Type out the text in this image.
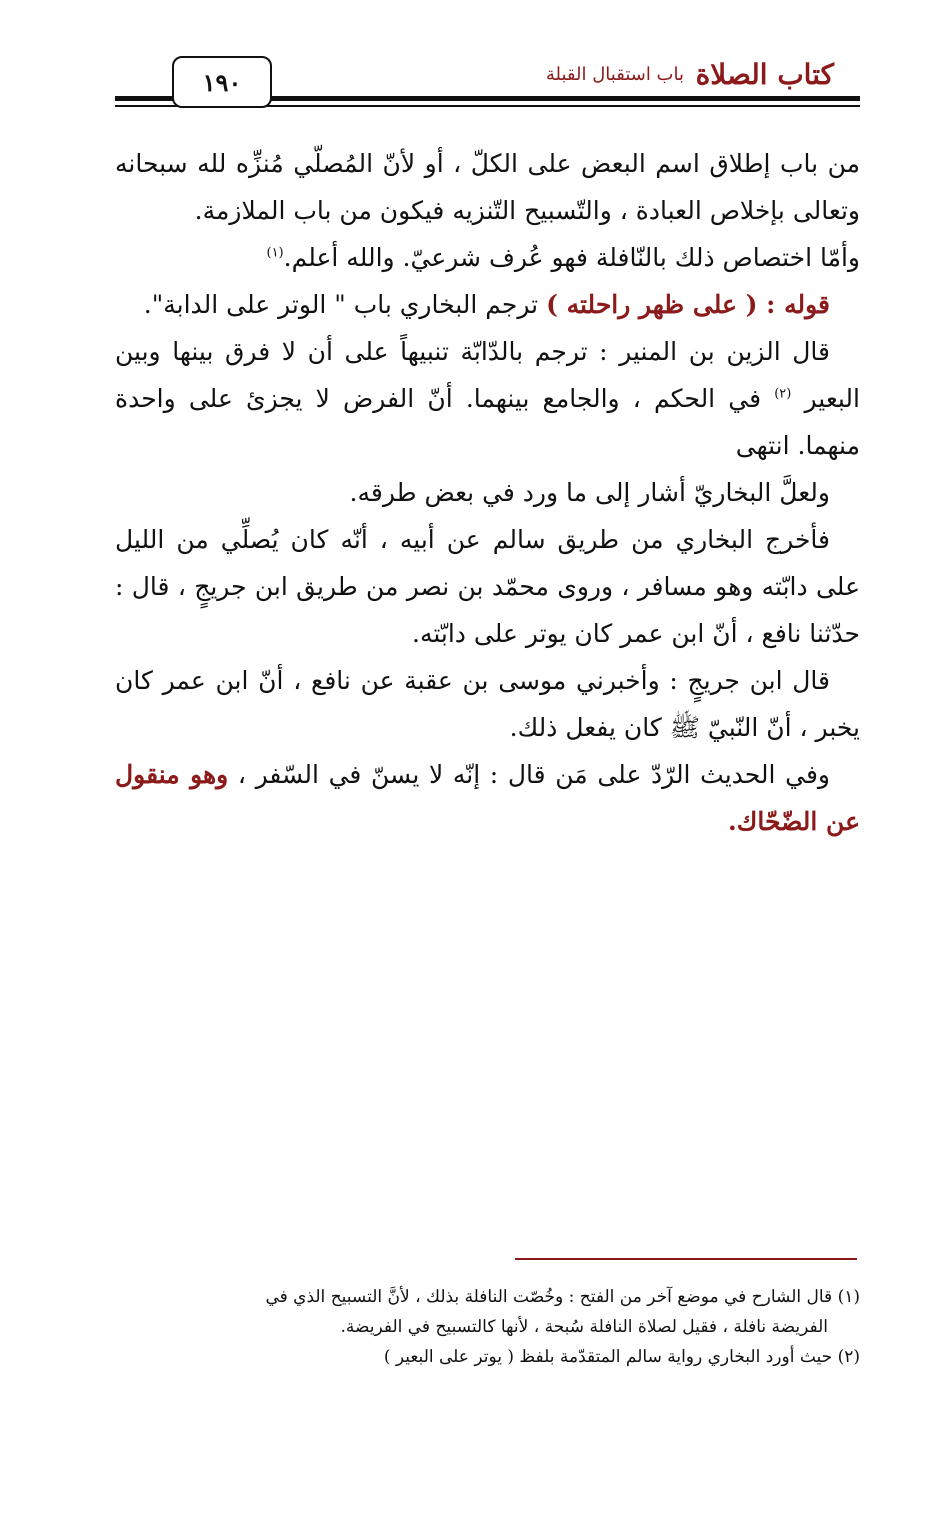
كتاب الصلاة
باب استقبال القبلة
١٩٠

من باب إطلاق اسم البعض على الكلّ ، أو لأنّ المُصلّي مُنزِّه لله سبحانه وتعالى بإخلاص العبادة ، والتّسبيح التّنزيه فيكون من باب الملازمة.

وأمّا اختصاص ذلك بالنّافلة فهو عُرف شرعيّ. والله أعلم.$^{(١)}$

قوله : ( على ظهر راحلته ) ترجم البخاري باب " الوتر على الدابة".

قال الزين بن المنير : ترجم بالدّابّة تنبيهاً على أن لا فرق بينها وبين البعير $^{(٢)}$ في الحكم ، والجامع بينهما. أنّ الفرض لا يجزئ على واحدة منهما. انتهى

ولعلَّ البخاريّ أشار إلى ما ورد في بعض طرقه.

فأخرج البخاري من طريق سالم عن أبيه ، أنّه كان يُصلِّي من الليل على دابّته وهو مسافر ، وروى محمّد بن نصر من طريق ابن جريجٍ ، قال : حدّثنا نافع ، أنّ ابن عمر كان يوتر على دابّته.

قال ابن جريجٍ : وأخبرني موسى بن عقبة عن نافع ، أنّ ابن عمر كان يخبر ، أنّ النّبيّ ﷺ كان يفعل ذلك.

وفي الحديث الرّدّ على مَن قال : إنّه لا يسنّ في السّفر ، وهو منقول عن الضّحّاك.

(١) قال الشارح في موضع آخر من الفتح : وخُصّت النافلة بذلك ، لأنَّ التسبيح الذي في

الفريضة نافلة ، فقيل لصلاة النافلة سُبحة ، لأنها كالتسبيح في الفريضة.

(٢) حيث أورد البخاري رواية سالم المتقدّمة بلفظ ( يوتر على البعير )
